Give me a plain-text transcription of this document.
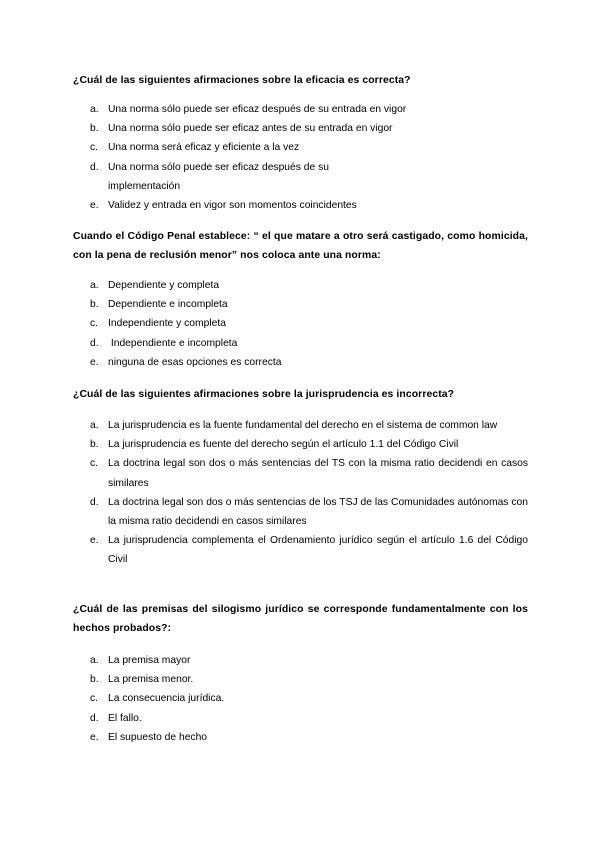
¿Cuál de las siguientes afirmaciones sobre la eficacia es correcta?
a. Una norma sólo puede ser eficaz después de su entrada en vigor
b. Una norma sólo puede ser eficaz antes de su entrada en vigor
c. Una norma será eficaz y eficiente a la vez
d. Una norma sólo puede ser eficaz después de su implementación
e. Validez y entrada en vigor son momentos coincidentes
Cuando el Código Penal establece: “ el que matare a otro será castigado, como homicida, con la pena de reclusión menor” nos coloca ante una norma:
a. Dependiente y completa
b. Dependiente e incompleta
c. Independiente y completa
d. Independiente e incompleta
e. ninguna de esas opciones es correcta
¿Cuál de las siguientes afirmaciones sobre la jurisprudencia es incorrecta?
a. La jurisprudencia es la fuente fundamental del derecho en el sistema de common law
b. La jurisprudencia es fuente del derecho según el artículo 1.1 del Código Civil
c. La doctrina legal son dos o más sentencias del TS con la misma ratio decidendi en casos similares
d. La doctrina legal son dos o más sentencias de los TSJ de las Comunidades autónomas con la misma ratio decidendi en casos similares
e. La jurisprudencia complementa el Ordenamiento jurídico según el artículo 1.6 del Código Civil
¿Cuál de las premisas del silogismo jurídico se corresponde fundamentalmente con los hechos probados?:
a. La premisa mayor
b. La premisa menor.
c. La consecuencia jurídica.
d. El fallo.
e. El supuesto de hecho
